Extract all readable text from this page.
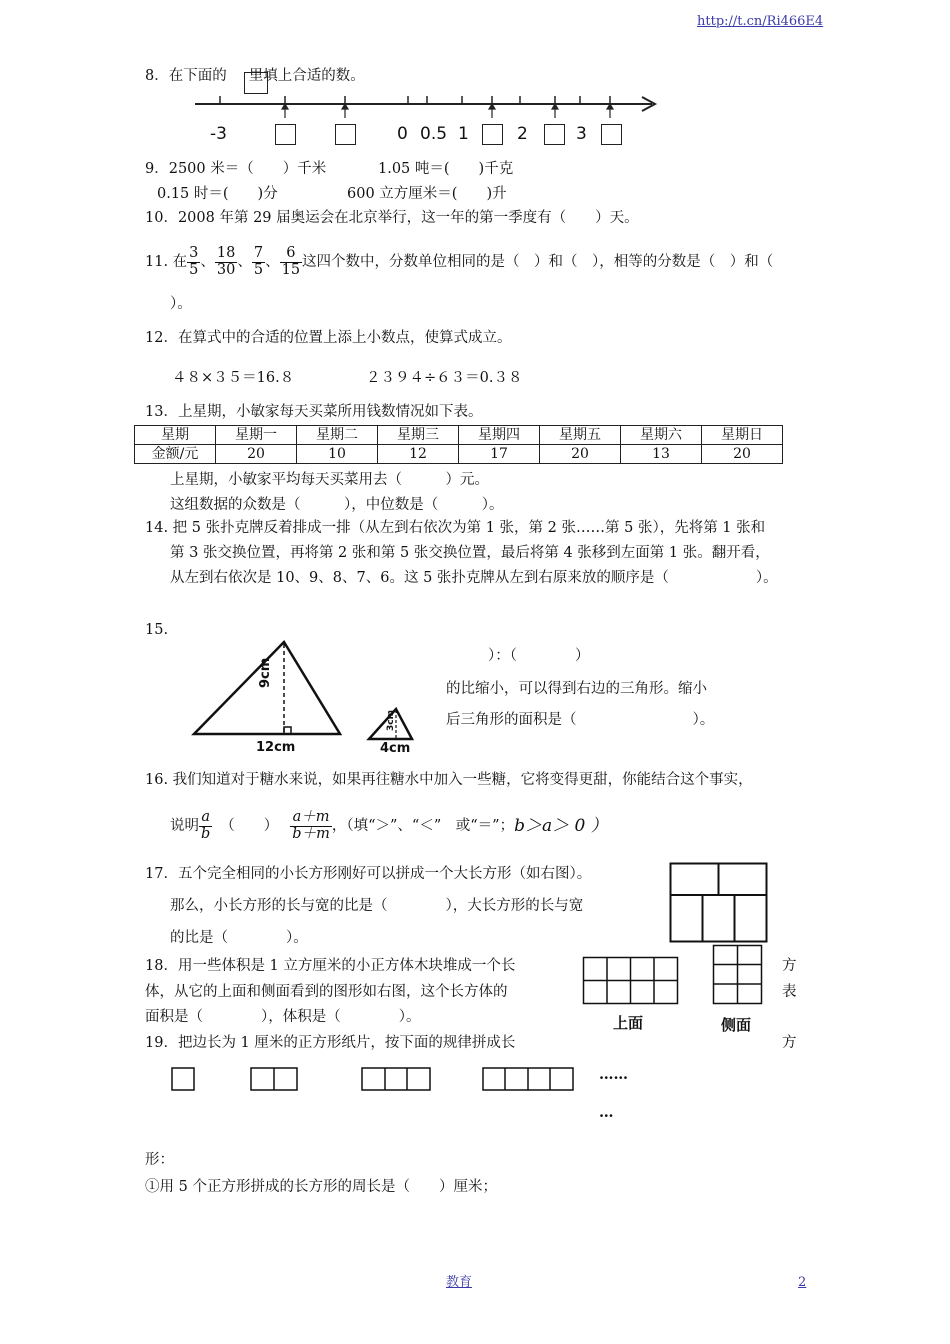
http://t.cn/Ri466E4
8．在下面的 里填上合适的数。
-3	0 0.5 1	2	3
9．2500 米＝（　　）千米	1.05 吨＝(　　)千克
0.15 时＝(　　)分	600 立方厘米＝(　　)升
10．2008 年第 29 届奥运会在北京举行，这一年的第一季度有（　　）天。
11. 在 $\frac{3}{5}$ 、 $\frac{18}{30}$ 、 $\frac{7}{5}$ 、 $\frac{6}{15}$ 这四个数中，分数单位相同的是（　）和（　），相等的分数是（　）和（
）。
12．在算式中的合适的位置上添上小数点，使算式成立。
４８×３５＝16.８	２３９４÷６３＝0.３８
13．上星期，小敏家每天买菜所用钱数情况如下表。
星期	星期一	星期二	星期三	星期四	星期五	星期六	星期日
金额/元	20	10	12	17	20	13	20
上星期，小敏家平均每天买菜用去（　　　）元。
这组数据的众数是（　　　），中位数是（　　　）。
14. 把 5 张扑克牌反着排成一排（从左到右依次为第 1 张，第 2 张……第 5 张），先将第 1 张和
第 3 张交换位置，再将第 2 张和第 5 张交换位置，最后将第 4 张移到左面第 1 张。翻开看，
从左到右依次是 10、9、8、7、6。这 5 张扑克牌从左到右原来放的顺序是（　　　　　　）。
15.
9cm
12cm
3cm
4cm
）：（　　　　）
的比缩小，可以得到右边的三角形。缩小
后三角形的面积是（　　　　　　　　）。
16. 我们知道对于糖水来说，如果再往糖水中加入一些糖，它将变得更甜，你能结合这个事实，
说明 $\frac{a}{b}$ （　　） $\frac{a+m}{b+m}$ ，（填“＞”、“＜”　或“＝”； b＞a＞ 0 ）
17．五个完全相同的小长方形刚好可以拼成一个大长方形（如右图）。
那么，小长方形的长与宽的比是（　　　　），大长方形的长与宽
的比是（　　　　）。
18．用一些体积是 1 立方厘米的小正方体木块堆成一个长
体，从它的上面和侧面看到的图形如右图，这个长方体的
面积是（　　　　），体积是（　　　　）。
方
表
上面	侧面
19．把边长为 1 厘米的正方形纸片，按下面的规律拼成长	方
……
…
形：
①用 5 个正方形拼成的长方形的周长是（　　）厘米；
教育	2
